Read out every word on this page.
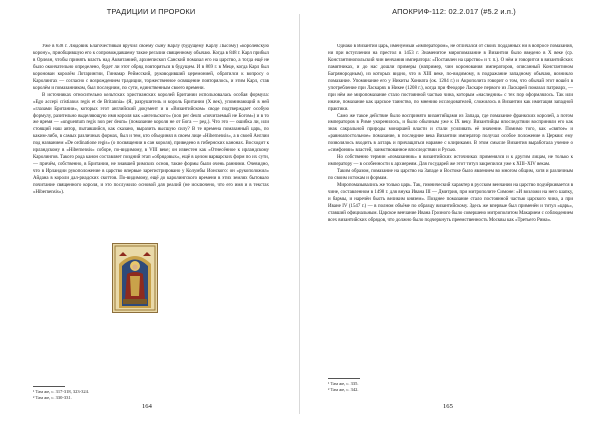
ТРАДИЦИИ И ПРОРОКИ

Уже в 838 г. Людовик Благочестивый вручил своему сыну Карлу (будущему Карлу Лысому) «королевскую корону», приобщившую его к сопровождавшему такие регалии священному обычаю. Когда в 848 г. Карл прибыл в Орлеан, чтобы принять власть над Аквитанией, архиепископ Санский помазал его на царство, а тогда ещё не было окончательно определено, будет ли этот обряд повторяться в будущем. И в 869 г. в Меце, когда Карл был коронован королём Лотарингии, Гинкмар Реймсский, руководивший церемонией, обратился к вопросу о Каролингах — согласно с возрождением традиции, торжественное освящение повторялось, и этим Карл, став королём и помазанником, был последним, по сути, единственным своего времени.

В источниках относительно кельтских христианских королей Британии использовалась особая формула: «Ego accepi cristianus regis et de Britannia» (Я, разрушитель и король Британии (Х век), упоминающий в ней «глазами Британии», которых этот английский документ и в «Византийском» своде подтверждает особую формулу, разительно выделяющую имя короля как «ангельского» (non per deum «почитаемый не Богом») и в то же время — «unguentum regis non per deum» (помазание короля не от Бога — ред.). Что это — ошибка ли, или стоящий наш автор, пытавшийся, как сказано, выразить высшую силу? В те времена помазанный царь, по каким-либо, в самых различных формах, был и тем, кто объединял в своем лице «Hibernensis», а в своей Англии под названием «De ordinatione regis» (о посвящении в сан короля), приведено в гибернских канонах. Восходит к ирландскому в «Hibernensis» соборе, по-видимому, в VIII веке; он известен как «Отнесённое к ирландскому Каролингов. Такого рода канон составляет поздний этап «обрядовых», ещё в целом варварских форм по их сути, — причём, собственно, в Британии, не знавшей римских основ, такие формы были очень ранними. Очевидно, что в Ирландии рукоположение в царство впервые зарегистрировано у Колумбы Ионского: он «рукоположил» Айдана в короли дал-риадских скоттов. По-видимому, ещё до каролингского времени в этих землях бытовало почитание священного короля, и это послужило основой для реалий (не исключено, что его имя и в текстах «Hibernensis»).

¹ Там же, с. 317-318, 323-324.
² Там же, с. 330-331.
164
АПОКРИФ-112: 02.2.017 (#5.2 и.п.)

Однако в Византии царь, именуемый «императором», не отличался от своих подданных ни в вопросе помазания, ни при вступлении на престол в 1453 г. Знаменитое миропомазание в Византии было введено в X веке (ср. Константинопольский чин венчания императора: «Поставлен на царство» и т. п.). О нём и говорится в византийских памятниках, и до нас дошли примеры (например, чин коронования императоров, описанный Константином Багрянородным), из которых видно, что в XIII веке, по-видимому, в подражание западному обычаю, возникло помазание. Упоминание его у Никиты Хониата (ок. 1204 г.) и Акрополита говорит о том, что обычай этот вошёл в употребление при Ласкарях в Никее (1208 г.), когда при Феодоре Ласкаре первого из Ласкарей помазал патриарх, — при нём же миропомазание стало постоянной частью чина, которым «наследник» с тех пор оформлялось. Так или иначе, помазание как царское таинство, по мнению исследователей, сложилось в Византии как имитация западной практики.

Само же такое действие было воспринято византийцами из Запада, где помазание франкских королей, а потом императоров в Риме укоренилось, и было обычным уже к IX веку. Византийцы впоследствии восприняли его как знак сакральной природы монаршей власти и стали усиливать её значение. Помимо того, как «святое» и «равноапостольное» помазание, в последние века Византии император получал особое положение в Церкви: ему позволялось входить в алтарь и причащаться наравне с клириками. В этом смысле Византия выработала учение о «симфонии» властей, заимствованное впоследствии и Русью.

Но собственно термин «помазанник» в византийских источниках применялся и к другим лицам, не только к императору — в особенности к архиереям. Для государей же этот титул закрепился уже к XIII–XIV векам.

Таким образом, помазание на царство на Западе и Востоке было явлением во многом общим, хотя и различным по своим истокам и формам.

Миропомазывались же только царь. Так, гимнический характер в русском венчании на царство подчёркивается в чине, составленном в 1498 г. для внука Ивана III — Дмитрия, при митрополите Симоне: «И возложи на него шапку, и бармы, и наречён бысть великим князем». Позднее помазание стало постоянной частью царского чина, а при Иване IV (1547 г.) — в полном объёме по образцу византийскому. Здесь же впервые был применён и титул «царь», ставший официальным. Царское венчание Ивана Грозного было совершено митрополитом Макарием с соблюдением всех византийских обрядов, что должно было подчеркнуть преемственность Москвы как «Третьего Рима».

¹ Там же, с. 335.
² Там же, с. 342.
165
